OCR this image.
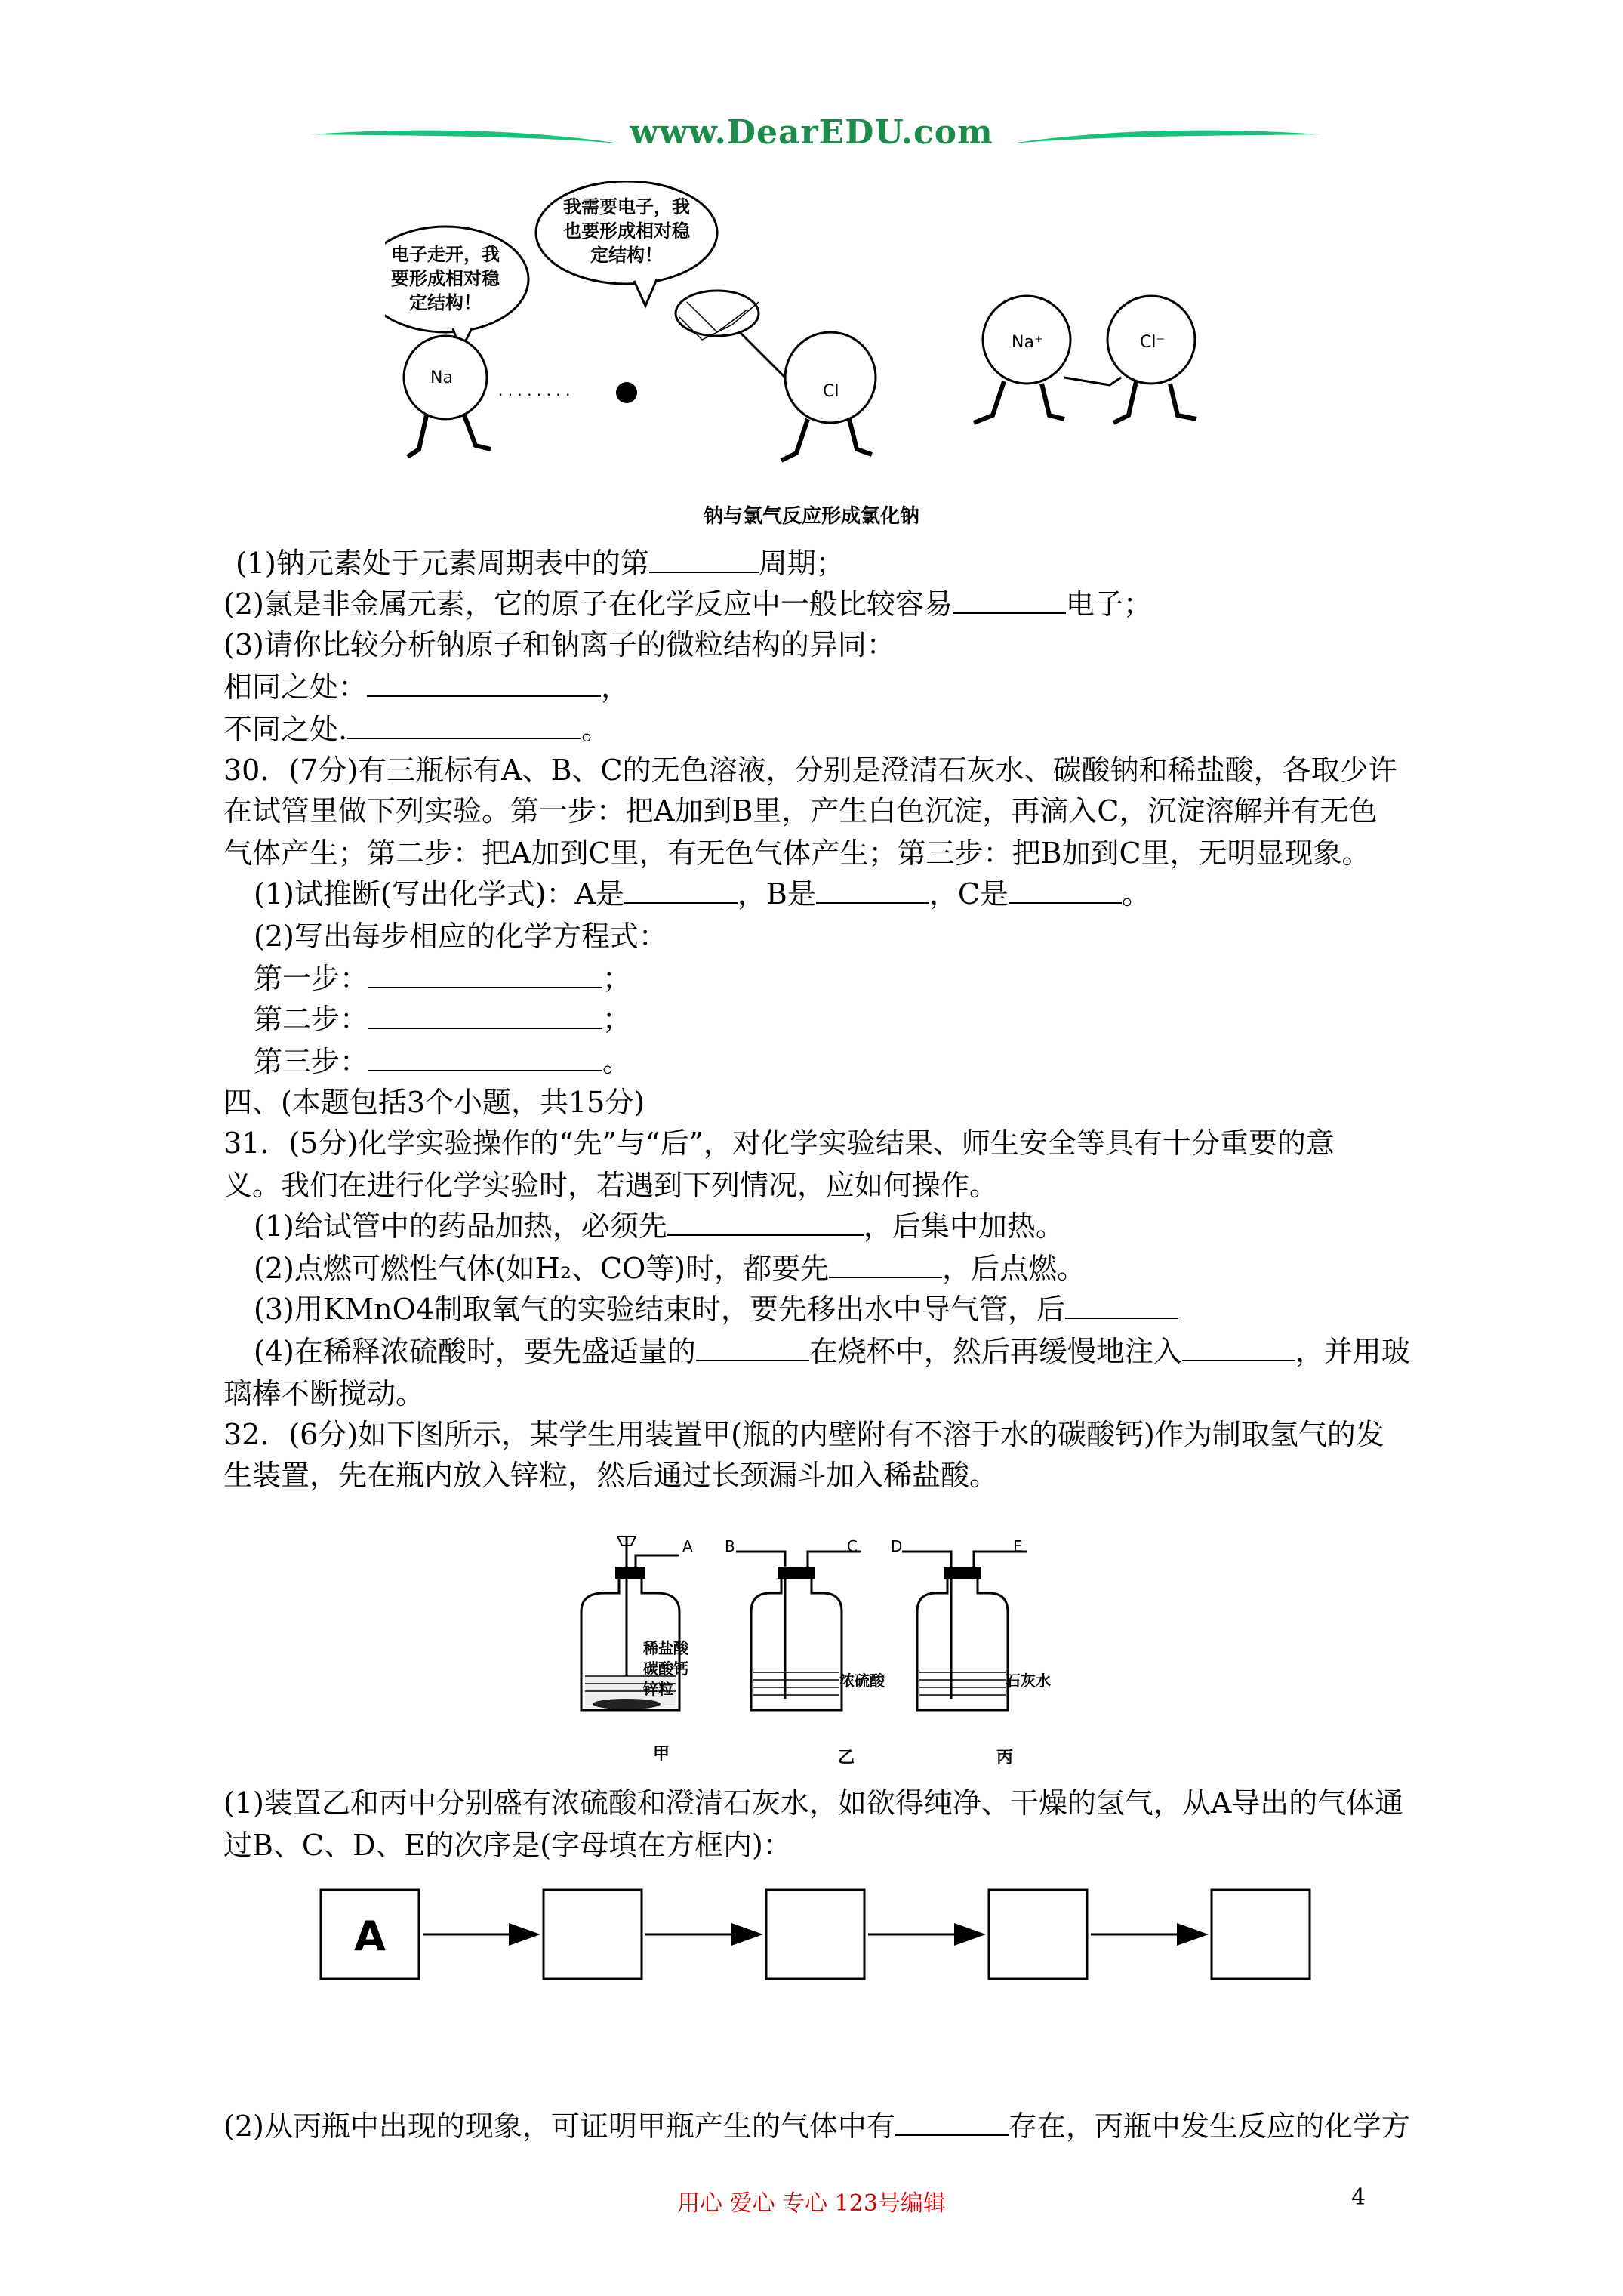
www.DearEDU.com
电子走开，我
要形成相对稳
定结构！
我需要电子，我
也要形成相对稳
定结构！
Na
· · · · · · · ·	Cl
Na⁺	Cl⁻
钠与氯气反应形成氯化钠
(1)钠元素处于元素周期表中的第	周期；
(2)氯是非金属元素，它的原子在化学反应中一般比较容易	电子；
(3)请你比较分析钠原子和钠离子的微粒结构的异同：
相同之处：	，
不同之处.	。
30．(7分)有三瓶标有A、B、C的无色溶液，分别是澄清石灰水、碳酸钠和稀盐酸，各取少许
在试管里做下列实验。第一步：把A加到B里，产生白色沉淀，再滴入C，沉淀溶解并有无色
气体产生；第二步：把A加到C里，有无色气体产生；第三步：把B加到C里，无明显现象。
(1)试推断(写出化学式)：A是	，B是	，C是	。
(2)写出每步相应的化学方程式：
第一步：	；
第二步：	；
第三步：	。
四、(本题包括3个小题，共15分)
31．(5分)化学实验操作的“先”与“后”，对化学实验结果、师生安全等具有十分重要的意
义。我们在进行化学实验时，若遇到下列情况，应如何操作。
(1)给试管中的药品加热，必须先	，后集中加热。
(2)点燃可燃性气体(如H₂、CO等)时，都要先	，后点燃。
(3)用KMnO4制取氧气的实验结束时，要先移出水中导气管，后
(4)在稀释浓硫酸时，要先盛适量的	在烧杯中，然后再缓慢地注入	，并用玻
璃棒不断搅动。
32．(6分)如下图所示，某学生用装置甲(瓶的内壁附有不溶于水的碳酸钙)作为制取氢气的发
生装置，先在瓶内放入锌粒，然后通过长颈漏斗加入稀盐酸。
A
稀盐酸
碳酸钙
锌粒
B	C
浓硫酸
D	E
石灰水
甲	乙	丙
(1)装置乙和丙中分别盛有浓硫酸和澄清石灰水，如欲得纯净、干燥的氢气，从A导出的气体通
过B、C、D、E的次序是(字母填在方框内)：
A
(2)从丙瓶中出现的现象，可证明甲瓶产生的气体中有	存在，丙瓶中发生反应的化学方
用心 爱心 专心 123号编辑	4
